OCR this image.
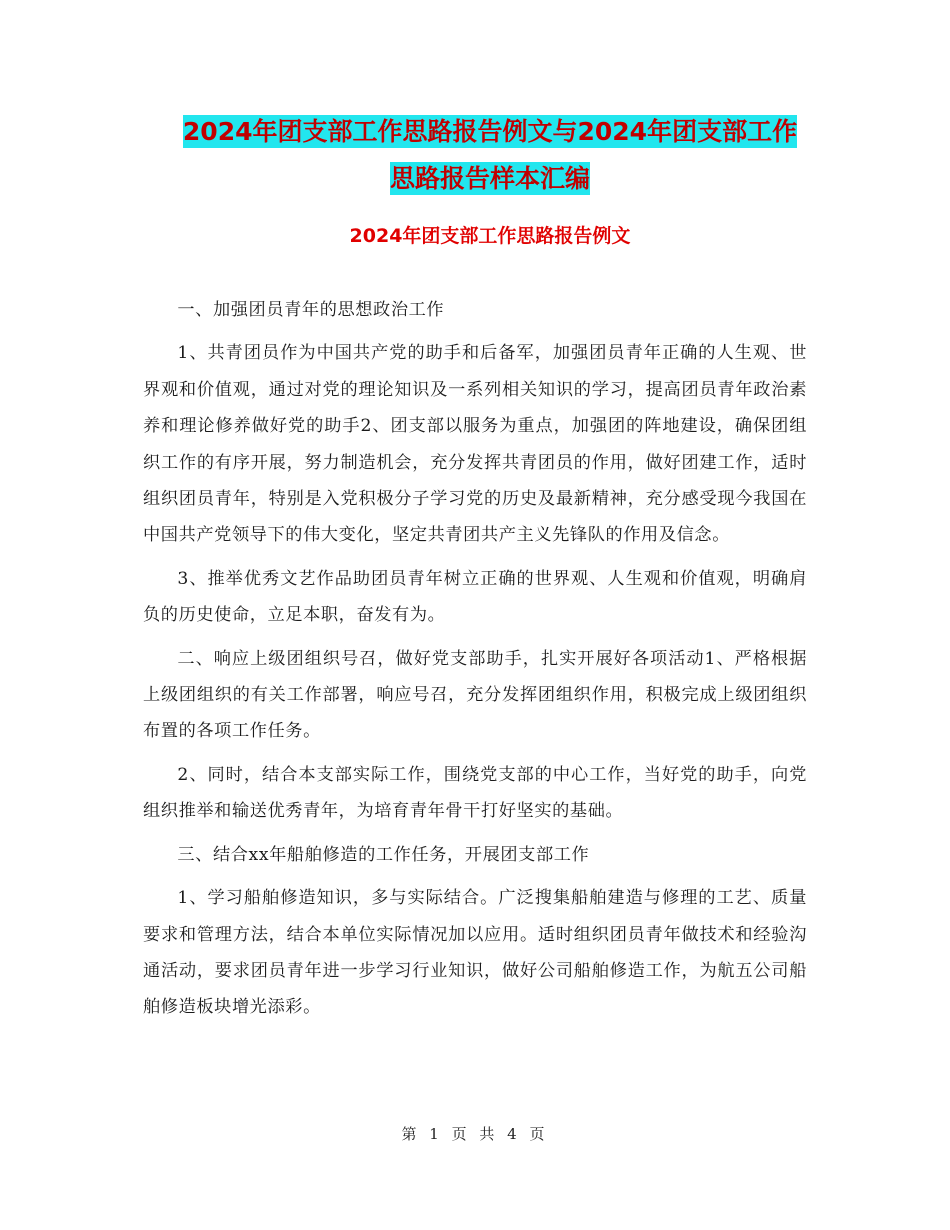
2024年团支部工作思路报告例文与2024年团支部工作
思路报告样本汇编
2024年团支部工作思路报告例文

一、加强团员青年的思想政治工作

1、共青团员作为中国共产党的助手和后备军，加强团员青年正确的人生观、世界观和价值观，通过对党的理论知识及一系列相关知识的学习，提高团员青年政治素养和理论修养做好党的助手2、团支部以服务为重点，加强团的阵地建设，确保团组织工作的有序开展，努力制造机会，充分发挥共青团员的作用，做好团建工作，适时组织团员青年，特别是入党积极分子学习党的历史及最新精神，充分感受现今我国在中国共产党领导下的伟大变化，坚定共青团共产主义先锋队的作用及信念。

3、推举优秀文艺作品助团员青年树立正确的世界观、人生观和价值观，明确肩负的历史使命，立足本职，奋发有为。

二、响应上级团组织号召，做好党支部助手，扎实开展好各项活动1、严格根据上级团组织的有关工作部署，响应号召，充分发挥团组织作用，积极完成上级团组织布置的各项工作任务。

2、同时，结合本支部实际工作，围绕党支部的中心工作，当好党的助手，向党组织推举和输送优秀青年，为培育青年骨干打好坚实的基础。

三、结合xx年船舶修造的工作任务，开展团支部工作

1、学习船舶修造知识，多与实际结合。广泛搜集船舶建造与修理的工艺、质量要求和管理方法，结合本单位实际情况加以应用。适时组织团员青年做技术和经验沟通活动，要求团员青年进一步学习行业知识，做好公司船舶修造工作，为航五公司船舶修造板块增光添彩。

第 1 页 共 4 页
